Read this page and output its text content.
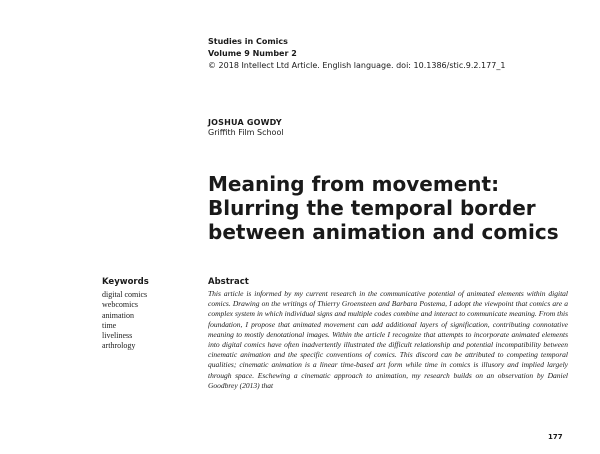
Studies in Comics
Volume 9 Number 2
© 2018 Intellect Ltd Article. English language. doi: 10.1386/stic.9.2.177_1
JOSHUA GOWDY
Griffith Film School
Meaning from movement: Blurring the temporal border between animation and comics
Keywords
digital comics
webcomics
animation
time
liveliness
arthrology
Abstract

This article is informed by my current research in the communicative potential of animated elements within digital comics. Drawing on the writings of Thierry Groensteen and Barbara Postema, I adopt the viewpoint that comics are a complex system in which individual signs and multiple codes combine and interact to communicate meaning. From this foundation, I propose that animated movement can add additional layers of signification, contributing connotative meaning to mostly denotational images. Within the article I recognize that attempts to incorporate animated elements into digital comics have often inadvertently illustrated the difficult relationship and potential incompatibility between cinematic animation and the specific conventions of comics. This discord can be attributed to competing temporal qualities; cinematic animation is a linear time-based art form while time in comics is illusory and implied largely through space. Eschewing a cinematic approach to animation, my research builds on an observation by Daniel Goodbrey (2013) that

177
